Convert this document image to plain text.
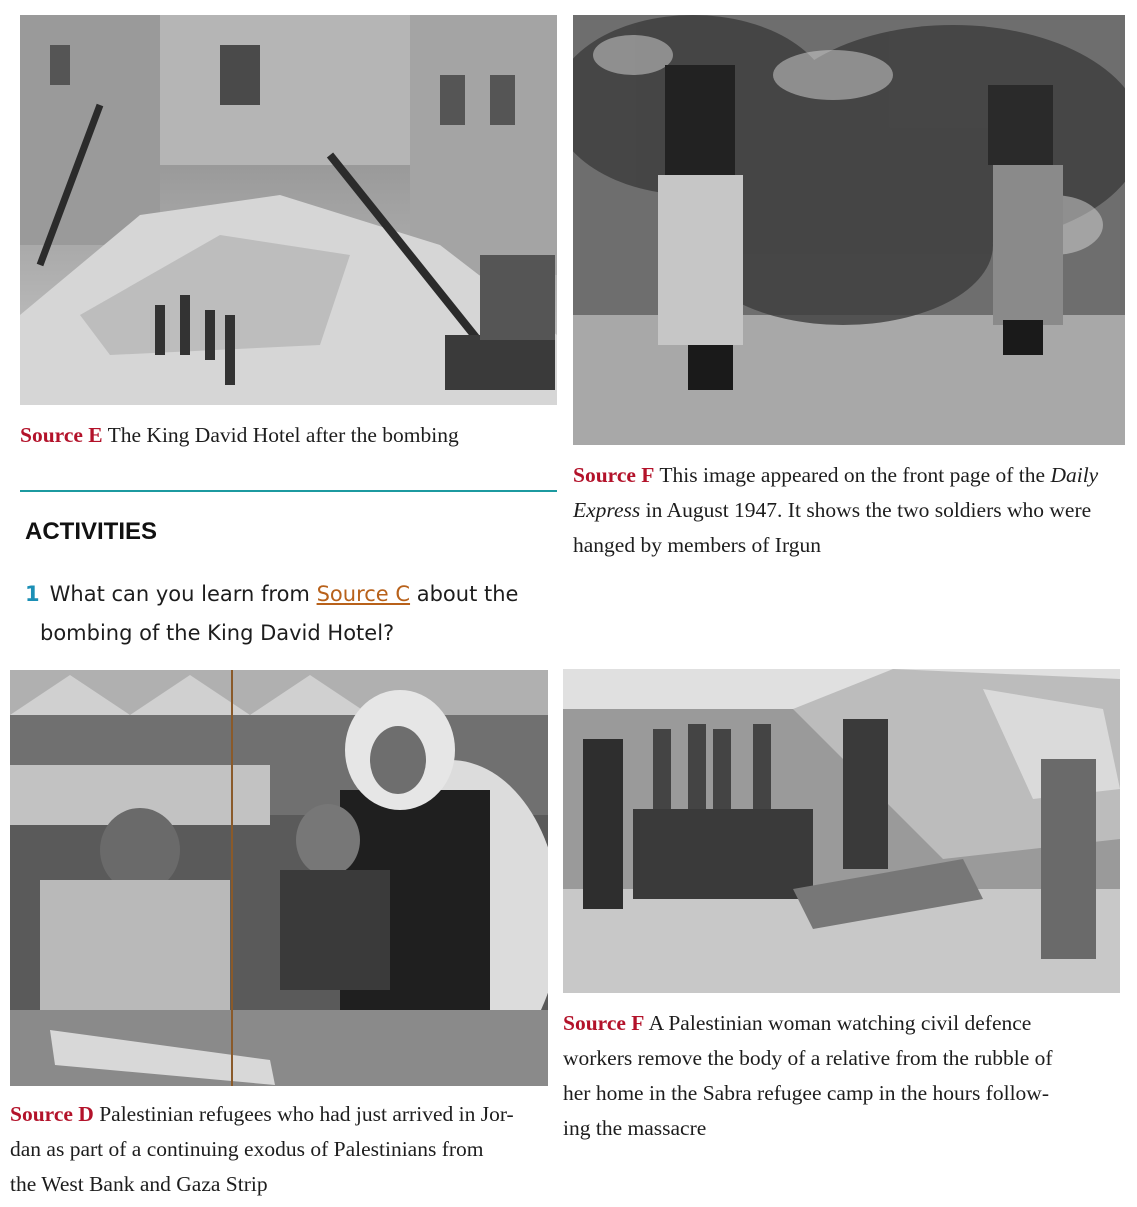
Source E The King David Hotel after the bombing
Source F This image appeared on the front page of the Daily Express in August 1947. It shows the two soldiers who were hanged by members of Irgun
ACTIVITIES
1 What can you learn from Source C about the
bombing of the King David Hotel?
Source D Palestinian refugees who had just arrived in Jor-
dan as part of a continuing exodus of Palestinians from
the West Bank and Gaza Strip
Source F A Palestinian woman watching civil defence
workers remove the body of a relative from the rubble of
her home in the Sabra refugee camp in the hours follow-
ing the massacre
